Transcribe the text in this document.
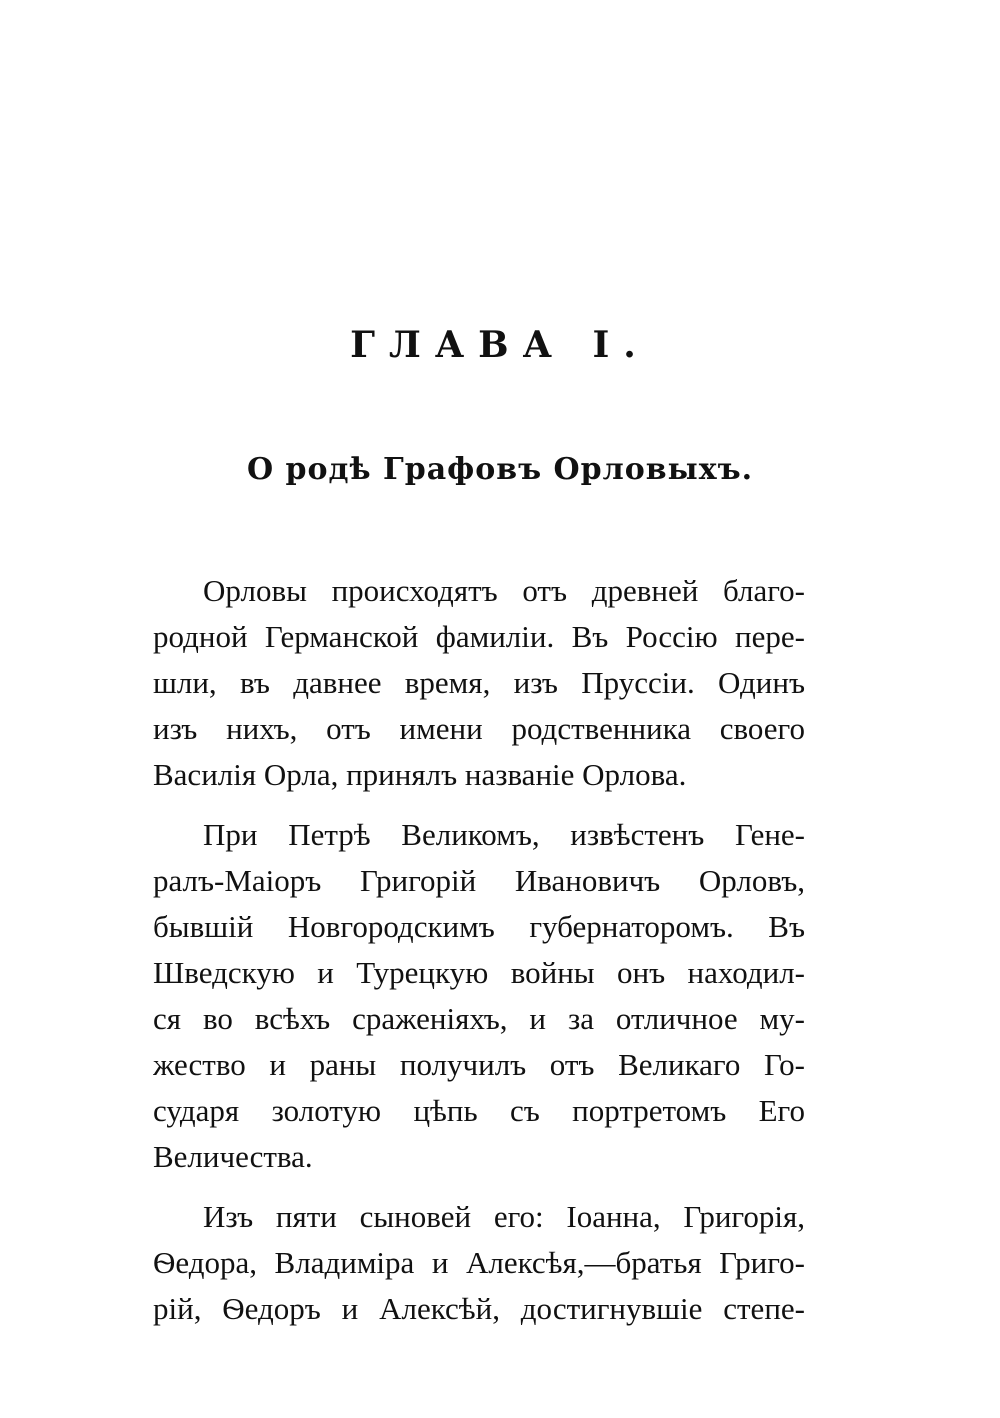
ГЛАВА I.
О родѣ Графовъ Орловыхъ.
Орловы происходятъ отъ древней благо-
родной Германской фамиліи. Въ Россію пере-
шли, въ давнее время, изъ Пруссіи. Одинъ
изъ нихъ, отъ имени родственника своего
Василія Орла, принялъ названіе Орлова.
При Петрѣ Великомъ, извѣстенъ Гене-
ралъ-Маіоръ Григорій Ивановичъ Орловъ,
бывшій Новгородскимъ губернаторомъ. Въ
Шведскую и Турецкую войны онъ находил-
ся во всѣхъ сраженіяхъ, и за отличное му-
жество и раны получилъ отъ Великаго Го-
сударя золотую цѣпь съ портретомъ Его
Величества.
Изъ пяти сыновей его: Іоанна, Григорія,
Ѳедора, Владиміра и Алексѣя,—братья Григо-
рій, Ѳедоръ и Алексѣй, достигнувшіе степе-
